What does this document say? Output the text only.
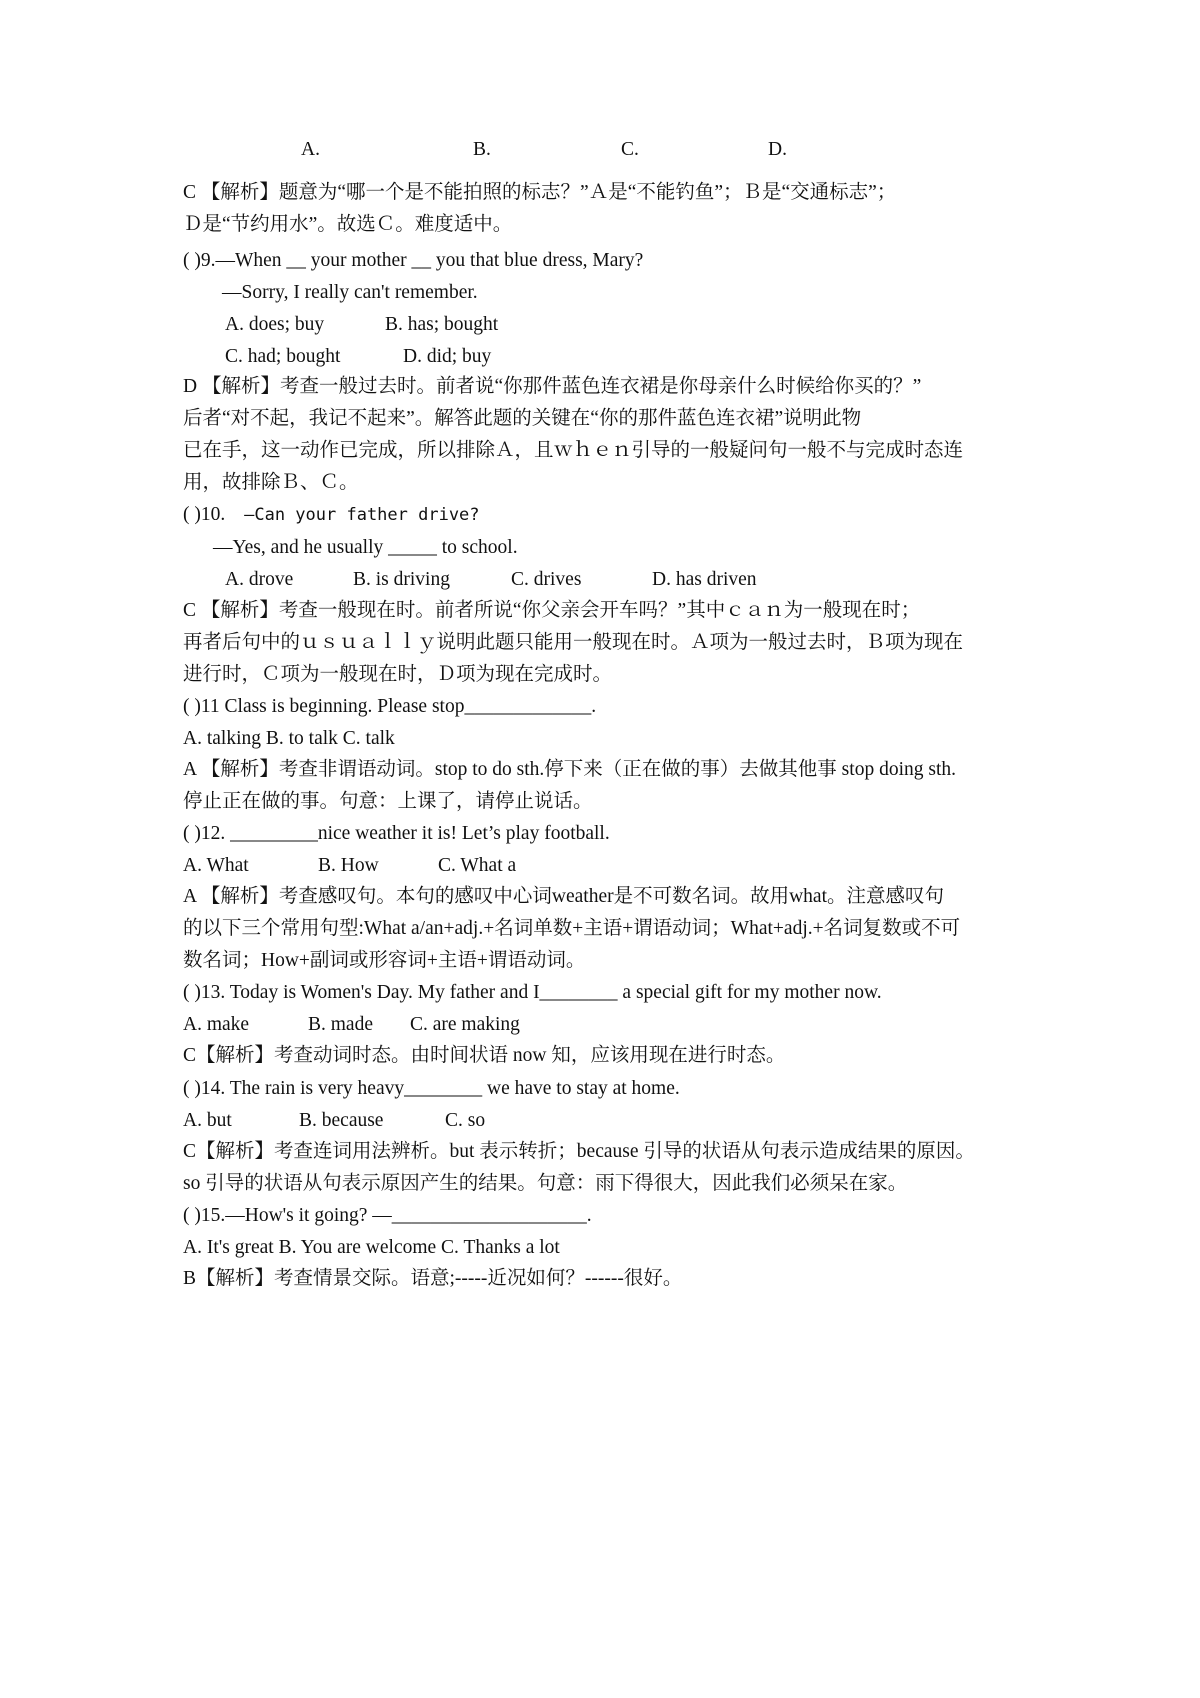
A.	B.	C.	D.
C 【解析】题意为“哪一个是不能拍照的标志？”Ａ是“不能钓鱼”；Ｂ是“交通标志”；
Ｄ是“节约用水”。故选Ｃ。难度适中。
( )9.—When __ your mother __ you that blue dress, Mary?
—Sorry, I really can't remember.
A. does; buy	B. has; bought
C. had; bought	D. did; buy
D 【解析】考查一般过去时。前者说“你那件蓝色连衣裙是你母亲什么时候给你买的？”
后者“对不起，我记不起来”。解答此题的关键在“你的那件蓝色连衣裙”说明此物
已在手，这一动作已完成，所以排除Ａ，且ｗｈｅｎ引导的一般疑问句一般不与完成时态连
用，故排除Ｂ、Ｃ。
( )10. —Can your father drive?
—Yes, and he usually _____ to school.
A. drove	B. is driving	C. drives	D. has driven
C 【解析】考查一般现在时。前者所说“你父亲会开车吗？”其中ｃａｎ为一般现在时；
再者后句中的ｕｓｕａｌｌｙ说明此题只能用一般现在时。Ａ项为一般过去时，Ｂ项为现在
进行时，Ｃ项为一般现在时，Ｄ项为现在完成时。
( )11 Class is beginning. Please stop_____________.
A. talking B. to talk C. talk
A 【解析】考查非谓语动词。stop to do sth.停下来（正在做的事）去做其他事 stop doing sth.
停止正在做的事。句意：上课了，请停止说话。
( )12. _________nice weather it is! Let’s play football.
A. What	B. How	C. What a
A 【解析】考查感叹句。本句的感叹中心词weather是不可数名词。故用what。注意感叹句
的以下三个常用句型:What a/an+adj.+名词单数+主语+谓语动词；What+adj.+名词复数或不可
数名词；How+副词或形容词+主语+谓语动词。
( )13. Today is Women's Day. My father and I________ a special gift for my mother now.
A. make	B. made C. are making
C【解析】考查动词时态。由时间状语 now 知，应该用现在进行时态。
( )14. The rain is very heavy________ we have to stay at home.
A. but	B. because	C. so
C【解析】考查连词用法辨析。but 表示转折；because 引导的状语从句表示造成结果的原因。
so 引导的状语从句表示原因产生的结果。句意：雨下得很大，因此我们必须呆在家。
( )15.—How's it going? —____________________.
A. It's great B. You are welcome C. Thanks a lot
B【解析】考查情景交际。语意;-----近况如何？------很好。
